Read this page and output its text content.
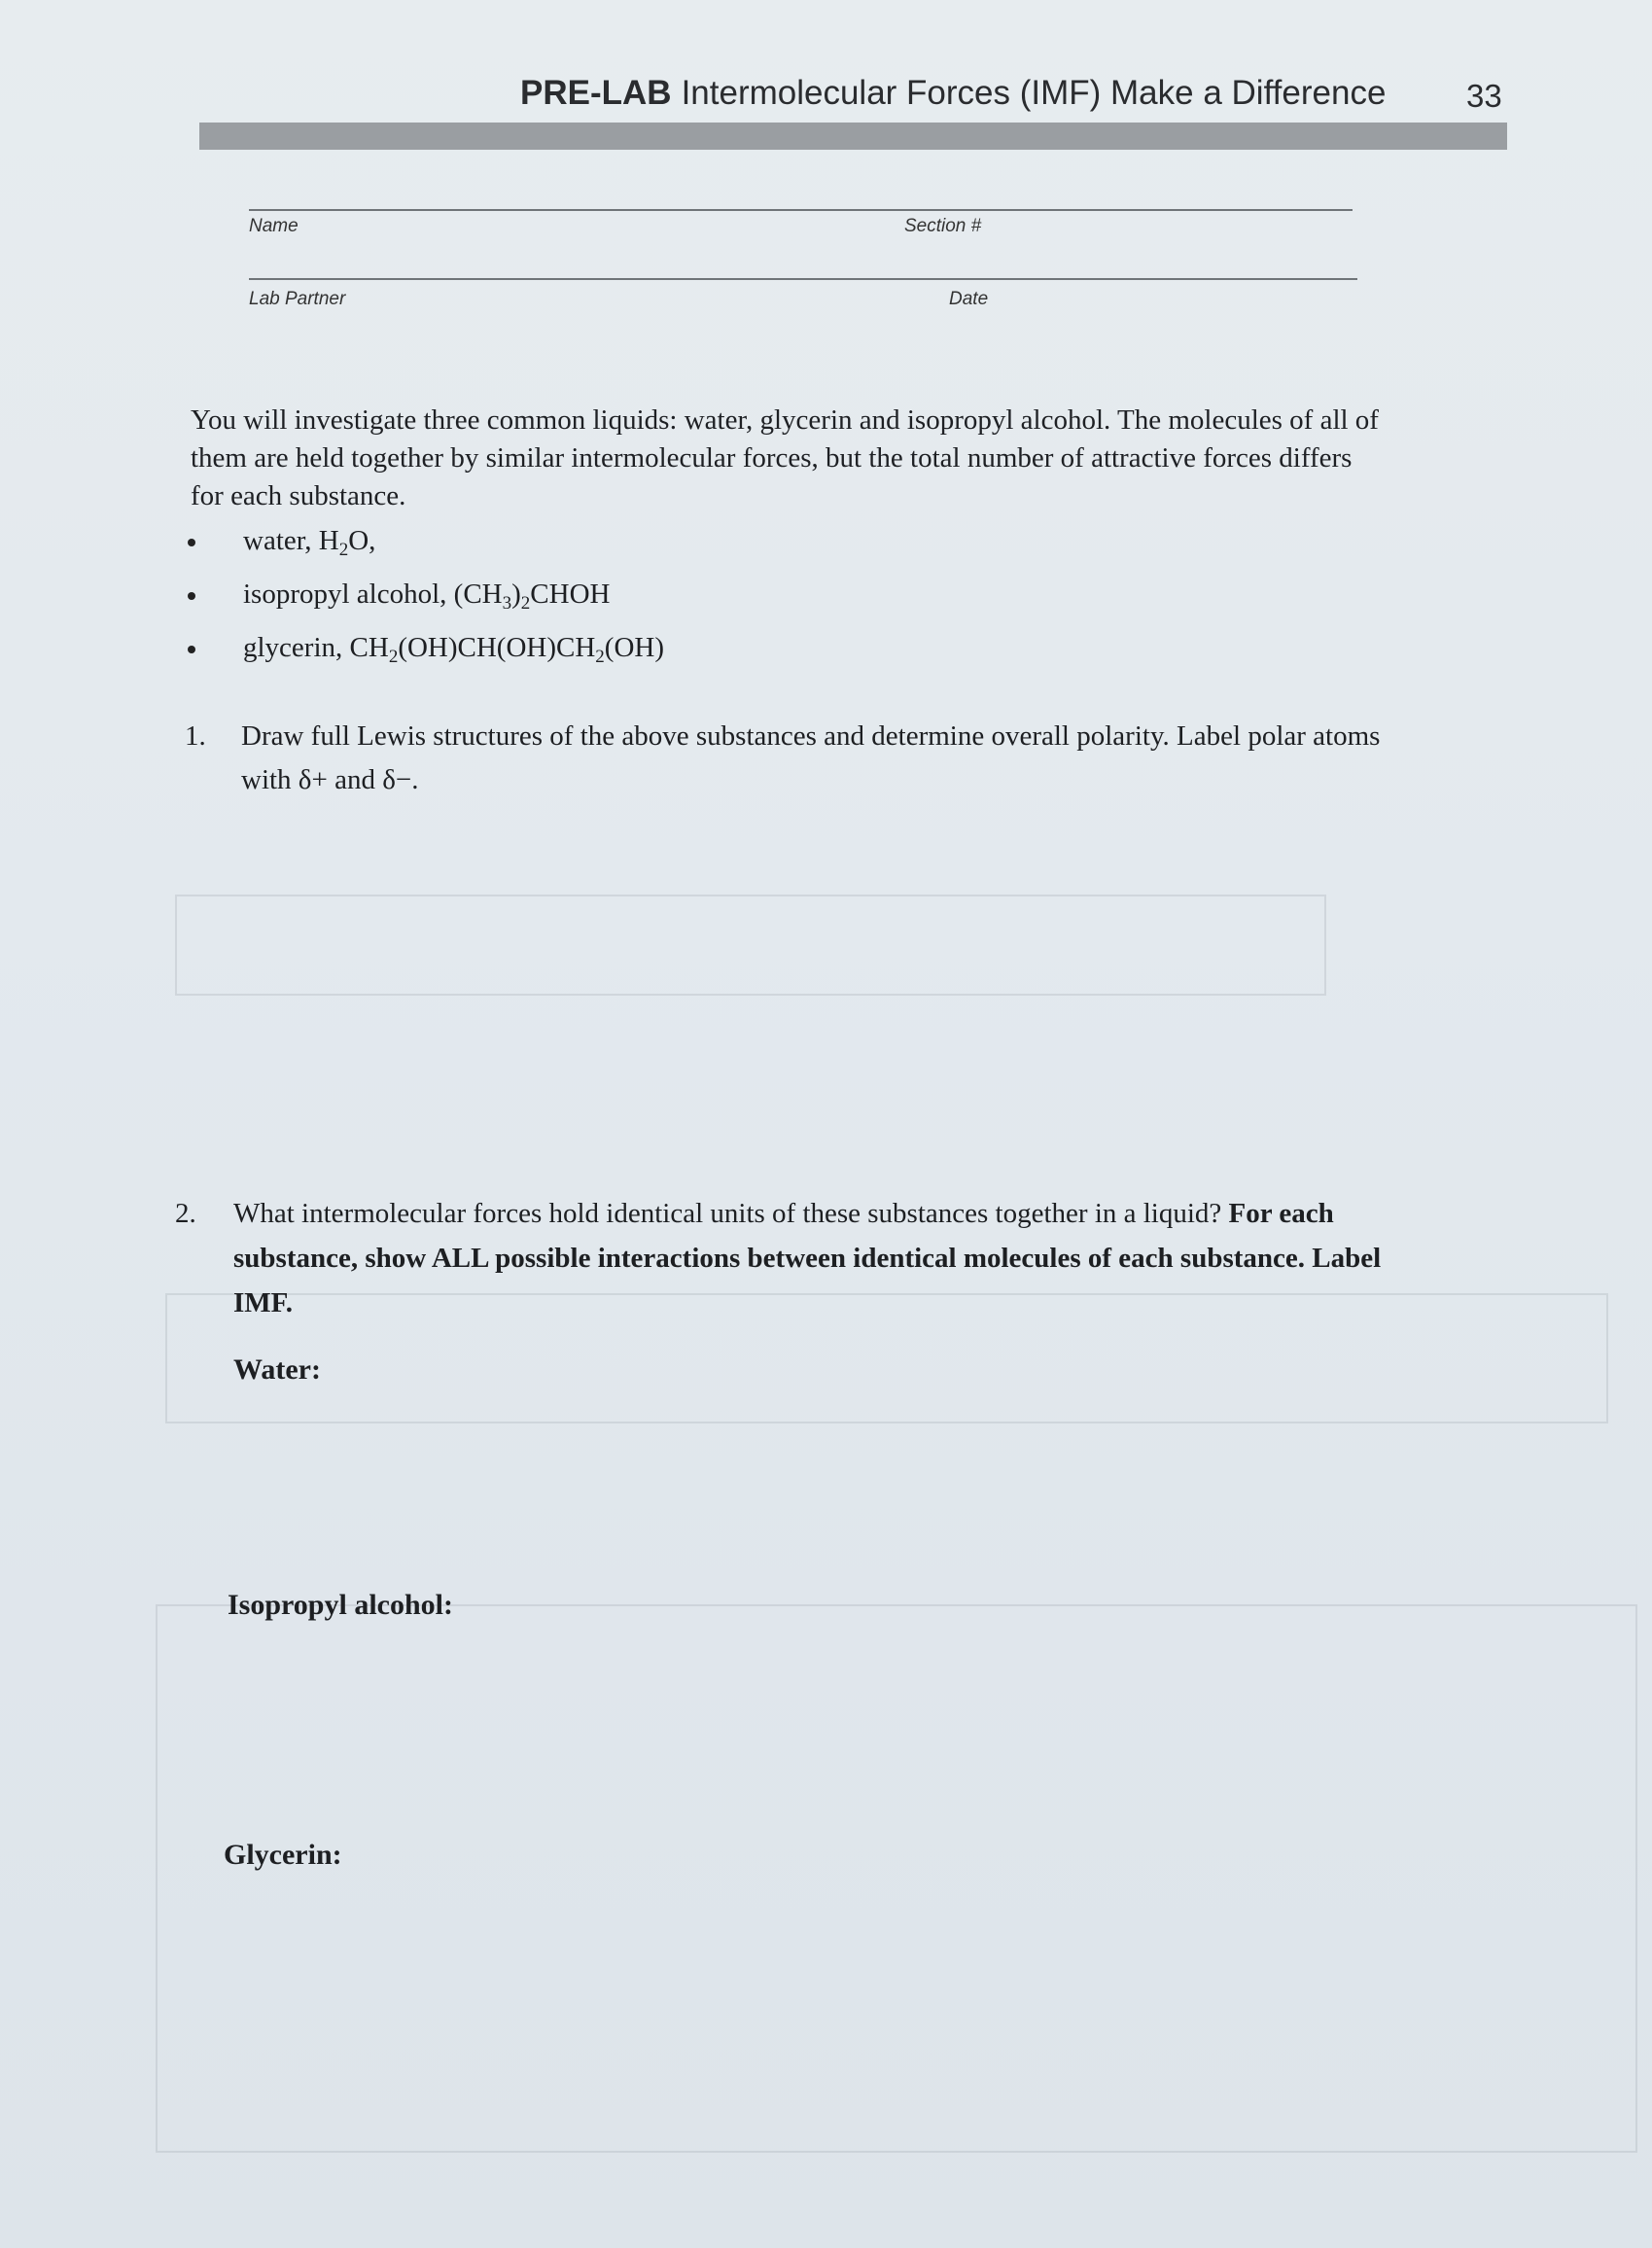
PRE-LAB Intermolecular Forces (IMF) Make a Difference	33
Name	Section #
Lab Partner	Date
You will investigate three common liquids: water, glycerin and isopropyl alcohol. The molecules of all of them are held together by similar intermolecular forces, but the total number of attractive forces differs for each substance.
water, $H_2O$,
isopropyl alcohol, $(CH_3)_2CHOH$
glycerin, $CH_2(OH)CH(OH)CH_2(OH)$
1. Draw full Lewis structures of the above substances and determine overall polarity. Label polar atoms with δ+ and δ−.
2. What intermolecular forces hold identical units of these substances together in a liquid? For each substance, show ALL possible interactions between identical molecules of each substance. Label IMF.
Water:
Isopropyl alcohol:
Glycerin:
